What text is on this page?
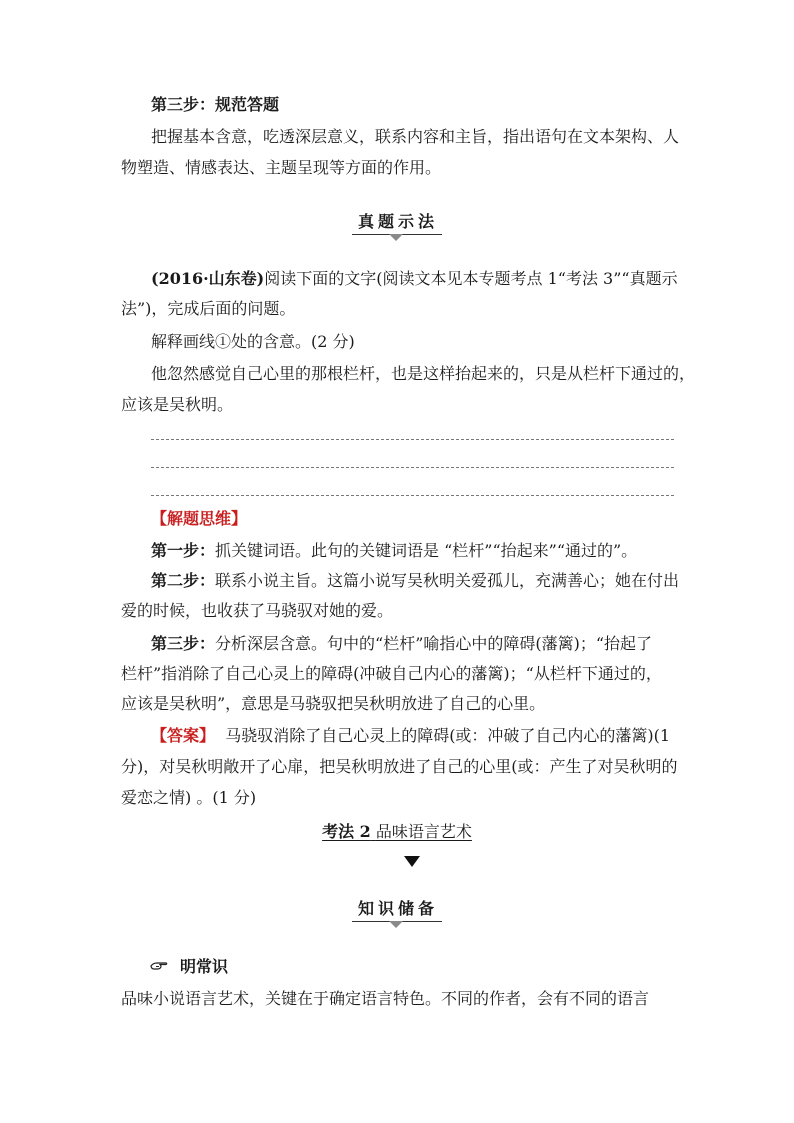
第三步：规范答题
把握基本含意，吃透深层意义，联系内容和主旨，指出语句在文本架构、人
物塑造、情感表达、主题呈现等方面的作用。
真题示法
(2016·山东卷)阅读下面的文字(阅读文本见本专题考点 1“考法 3”“真题示
法”)，完成后面的问题。
解释画线①处的含意。(2 分)
他忽然感觉自己心里的那根栏杆，也是这样抬起来的，只是从栏杆下通过的，
应该是吴秋明。
【解题思维】
第一步：抓关键词语。此句的关键词语是 “栏杆”“抬起来”“通过的”。
第二步：联系小说主旨。这篇小说写吴秋明关爱孤儿，充满善心；她在付出
爱的时候，也收获了马骁驭对她的爱。
第三步：分析深层含意。句中的“栏杆”喻指心中的障碍(藩篱)；“抬起了
栏杆”指消除了自己心灵上的障碍(冲破自己内心的藩篱)；“从栏杆下通过的，
应该是吴秋明”，意思是马骁驭把吴秋明放进了自己的心里。
【答案】  马骁驭消除了自己心灵上的障碍(或：冲破了自己内心的藩篱)(1
分)，对吴秋明敞开了心扉，把吴秋明放进了自己的心里(或：产生了对吴秋明的
爱恋之情) 。(1 分)
考法 2 品味语言艺术
知识储备
明常识
品味小说语言艺术，关键在于确定语言特色。不同的作者，会有不同的语言
